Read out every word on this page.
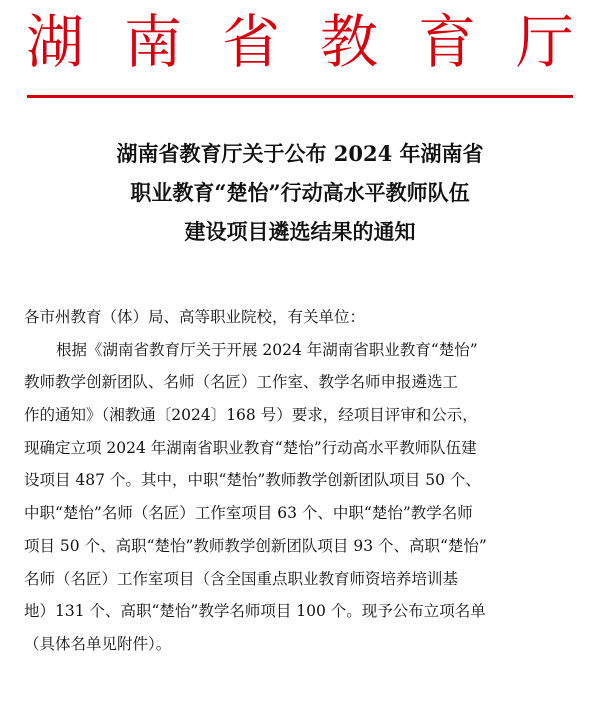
湖 南 省 教 育 厅
湖南省教育厅关于公布 2024 年湖南省
职业教育“楚怡”行动高水平教师队伍
建设项目遴选结果的通知
各市州教育（体）局、高等职业院校，有关单位：
根据《湖南省教育厅关于开展 2024 年湖南省职业教育“楚怡”
教师教学创新团队、名师（名匠）工作室、教学名师申报遴选工
作的通知》（湘教通〔2024〕168 号）要求，经项目评审和公示，
现确定立项 2024 年湖南省职业教育“楚怡”行动高水平教师队伍建
设项目 487 个。其中，中职“楚怡”教师教学创新团队项目 50 个、
中职“楚怡”名师（名匠）工作室项目 63 个、中职“楚怡”教学名师
项目 50 个、高职“楚怡”教师教学创新团队项目 93 个、高职“楚怡”
名师（名匠）工作室项目（含全国重点职业教育师资培养培训基
地）131 个、高职“楚怡”教学名师项目 100 个。现予公布立项名单
（具体名单见附件）。
